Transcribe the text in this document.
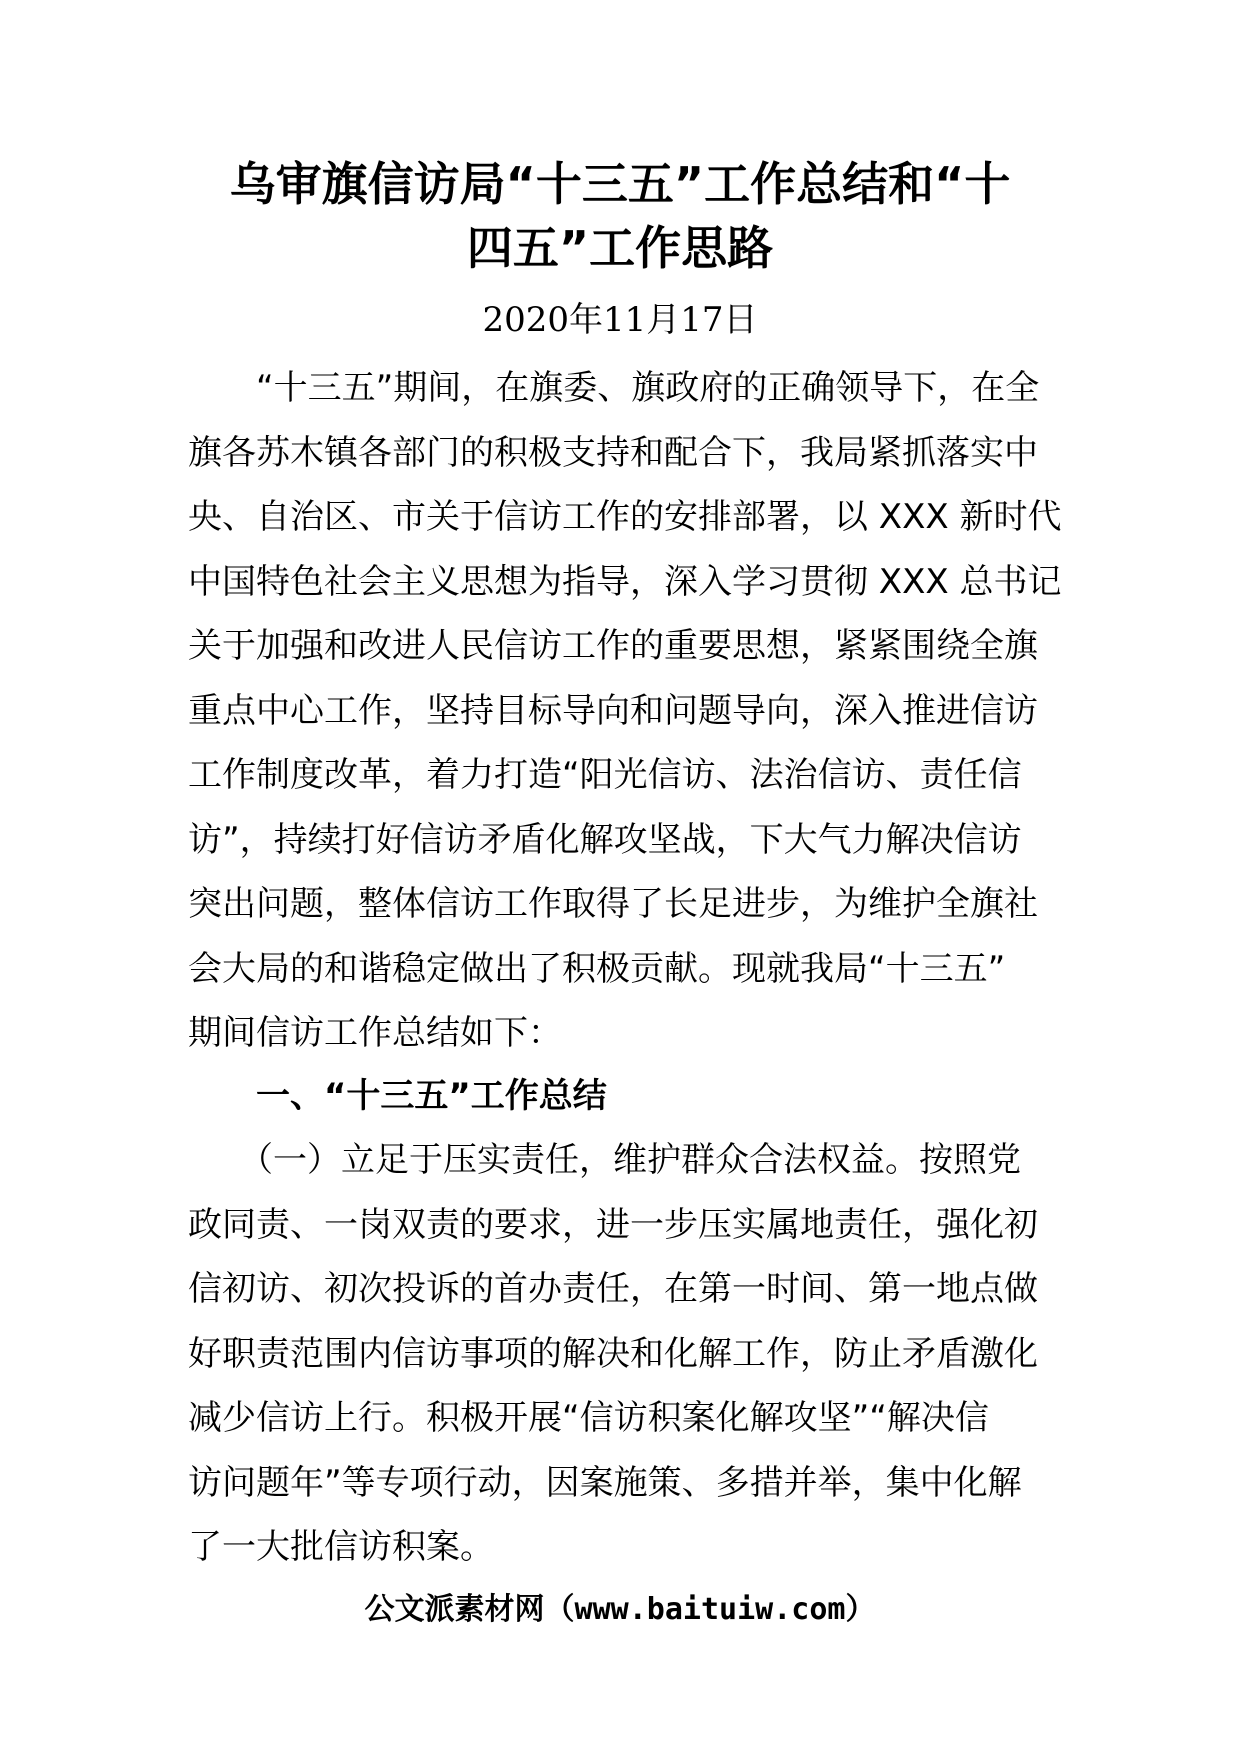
乌审旗信访局“十三五”工作总结和“十
四五”工作思路

2020年11月17日

　　“十三五”期间，在旗委、旗政府的正确领导下，在全
旗各苏木镇各部门的积极支持和配合下，我局紧抓落实中
央、自治区、市关于信访工作的安排部署，以 XXX 新时代
中国特色社会主义思想为指导，深入学习贯彻 XXX 总书记
关于加强和改进人民信访工作的重要思想，紧紧围绕全旗
重点中心工作，坚持目标导向和问题导向，深入推进信访
工作制度改革，着力打造“阳光信访、法治信访、责任信
访”，持续打好信访矛盾化解攻坚战，下大气力解决信访
突出问题，整体信访工作取得了长足进步，为维护全旗社
会大局的和谐稳定做出了积极贡献。现就我局“十三五”
期间信访工作总结如下：

　　一、“十三五”工作总结

　　（一）立足于压实责任，维护群众合法权益。按照党
政同责、一岗双责的要求，进一步压实属地责任，强化初
信初访、初次投诉的首办责任，在第一时间、第一地点做
好职责范围内信访事项的解决和化解工作，防止矛盾激化
减少信访上行。积极开展“信访积案化解攻坚”“解决信
访问题年”等专项行动，因案施策、多措并举，集中化解
了一大批信访积案。

公文派素材网（www.baituiw.com）
